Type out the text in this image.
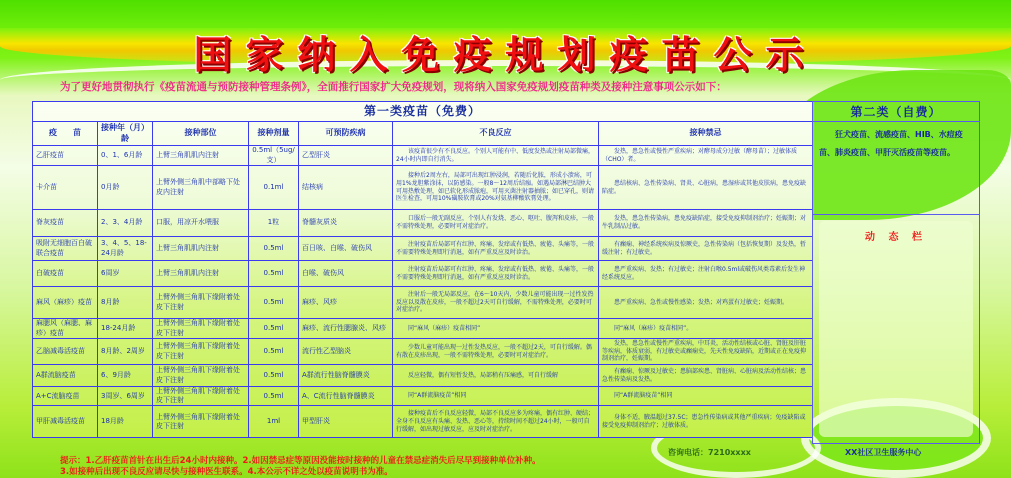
国家纳入免疫规划疫苗公示
为了更好地贯彻执行《疫苗流通与预防接种管理条例》，全面推行国家扩大免疫规划，现将纳入国家免疫规划疫苗种类及接种注意事项公示如下：
第一类疫苗（免费）						
疫　　苗	接种年（月）龄	接种部位	接种剂量	可预防疾病	不良反应	接种禁忌
乙肝疫苗	0、1、6月龄	上臂三角肌肌内注射	0.5ml（5ug/支）	乙型肝炎	该疫苗很少有不良反应。个别人可能有中、低度发热或注射局部微痛，24小时内即自行消失。	发热，患急性或慢性严重疾病；对酵母成分过敏（酵母苗）；过敏体质（CHO）者。
卡介苗	0月龄	上臂外侧三角肌中部略下处皮内注射	0.1ml	结核病	接种后2周左右，局部可出现红肿浸润，若随后化脓，形成小溃疡，可用1%龙胆紫涂抹，以防感染。一般8～12周后结痂。如遇局部淋巴结肿大可用热敷处理，如已软化形成脓疱，可用灭菌注射器抽脓；如已穿孔，则请医生检查，可用10%磺胺软膏或20%对氨基柳酸软膏处理。	患结核病、急性传染病、肾炎、心脏病，患湿疹或其他皮肤病，患免疫缺陷症。
脊灰疫苗	2、3、4月龄	口服，用凉开水喂服	1粒	脊髓灰质炎	口服后一般无副反应，个别人有发烧、恶心、呕吐、腹泻和皮疹，一般不需特殊处理，必要时可对症治疗。	发热，患急性传染病，患免疫缺陷症，接受免疫抑制剂治疗；妊娠期；对牛乳制品过敏。
吸附无细胞百白破联合疫苗	3、4、5、18-24月龄	上臂三角肌肌内注射	0.5ml	百日咳、白喉、破伤风	注射疫苗后局部可有红肿、疼痛、发痒或有低热、疲倦、头痛等，一般不需要特殊处理即行消退，如有严重反应及时诊治。	有癫痫、神经系统疾病及惊厥史，急性传染病（包括恢复期）及发热，暂缓注射；有过敏史。
白破疫苗	6周岁	上臂三角肌肌内注射	0.5ml	白喉、破伤风	注射疫苗后局部可有红肿、疼痛、发痒或有低热、疲倦、头痛等，一般不需要特殊处理即行消退，如有严重反应及时诊治。	患严重疾病、发热；有过敏史；注射白喉0.5ml或破伤风类毒素后发生神经系统反应。
麻风（麻疹）疫苗	8月龄	上臂外侧三角肌下缘附着处皮下注射	0.5ml	麻疹、风疹	注射后一般无局部反应，在6～10天内，少数儿童可能出现一过性发热反应以及散在皮疹，一般不超过2天可自行缓解，不需特殊处理，必要时可对症治疗。	患严重疾病、急性或慢性感染；发热；对鸡蛋有过敏史；妊娠期。
麻腮风（麻腮、麻疹）疫苗	18-24月龄	上臂外侧三角肌下缘附着处皮下注射	0.5ml	麻疹、流行性腮腺炎、风疹	同“麻风（麻疹）疫苗相同”	同“麻风（麻疹）疫苗相同”。
乙脑减毒活疫苗	8月龄、2周岁	上臂外侧三角肌下缘附着处皮下注射	0.5ml	流行性乙型脑炎	少数儿童可能出现一过性发热反应，一般不超过2天，可自行缓解。偶有散在皮疹出现，一般不需特殊处理，必要时可对症治疗。	发热，患急性或慢性严重疾病，中耳炎，活动性结核或心脏、肾脏及肝脏等疾病，体质衰弱，有过敏史或癫痫史，先天性免疫缺陷，近期或正在免疫抑制剂治疗，妊娠期。
A群流脑疫苗	6、9月龄	上臂外侧三角肌下缘附着处皮下注射	0.5ml	A群流行性脑脊髓膜炎	反应轻微，偶有短暂发热，局部稍有压痛感，可自行缓解	有癫痫、惊厥及过敏史；患脑部疾患、肾脏病、心脏病及活动性结核；患急性传染病及发热。
A+C流脑疫苗	3周岁、6周岁	上臂外侧三角肌下缘附着处皮下注射	0.5ml	A、C流行性脑脊髓膜炎	同“A群流脑疫苗”相同	同“A群流脑疫苗”相同
甲肝减毒活疫苗	18月龄	上臂外侧三角肌下缘附着处皮下注射	1ml	甲型肝炎	接种疫苗后不良反应轻微，局部不良反应多为疼痛，偶有红肿、硬结；全身不良反应有头痛、发热、恶心等，持续时间不超过24小时，一般可自行缓解，如出现过敏反应，应及时对症治疗。	身体不适，腋温超过37.5C；患急性传染病或其他严重疾病；免疫缺陷或接受免疫抑制剂治疗；过敏体质。
第二类（自费）
狂犬疫苗、流感疫苗、HIB、水痘疫苗、肺炎疫苗、甲肝灭活疫苗等疫苗。

动 态 栏
提示：1.乙肝疫苗首针在出生后24小时内接种。2.如因禁忌症等原因没能按时接种的儿童在禁忌症消失后尽早到接种单位补种。
3.如接种后出现不良反应请尽快与接种医生联系。4.本公示不详之处以疫苗说明书为准。
咨询电话：7210xxxx	XX社区卫生服务中心
